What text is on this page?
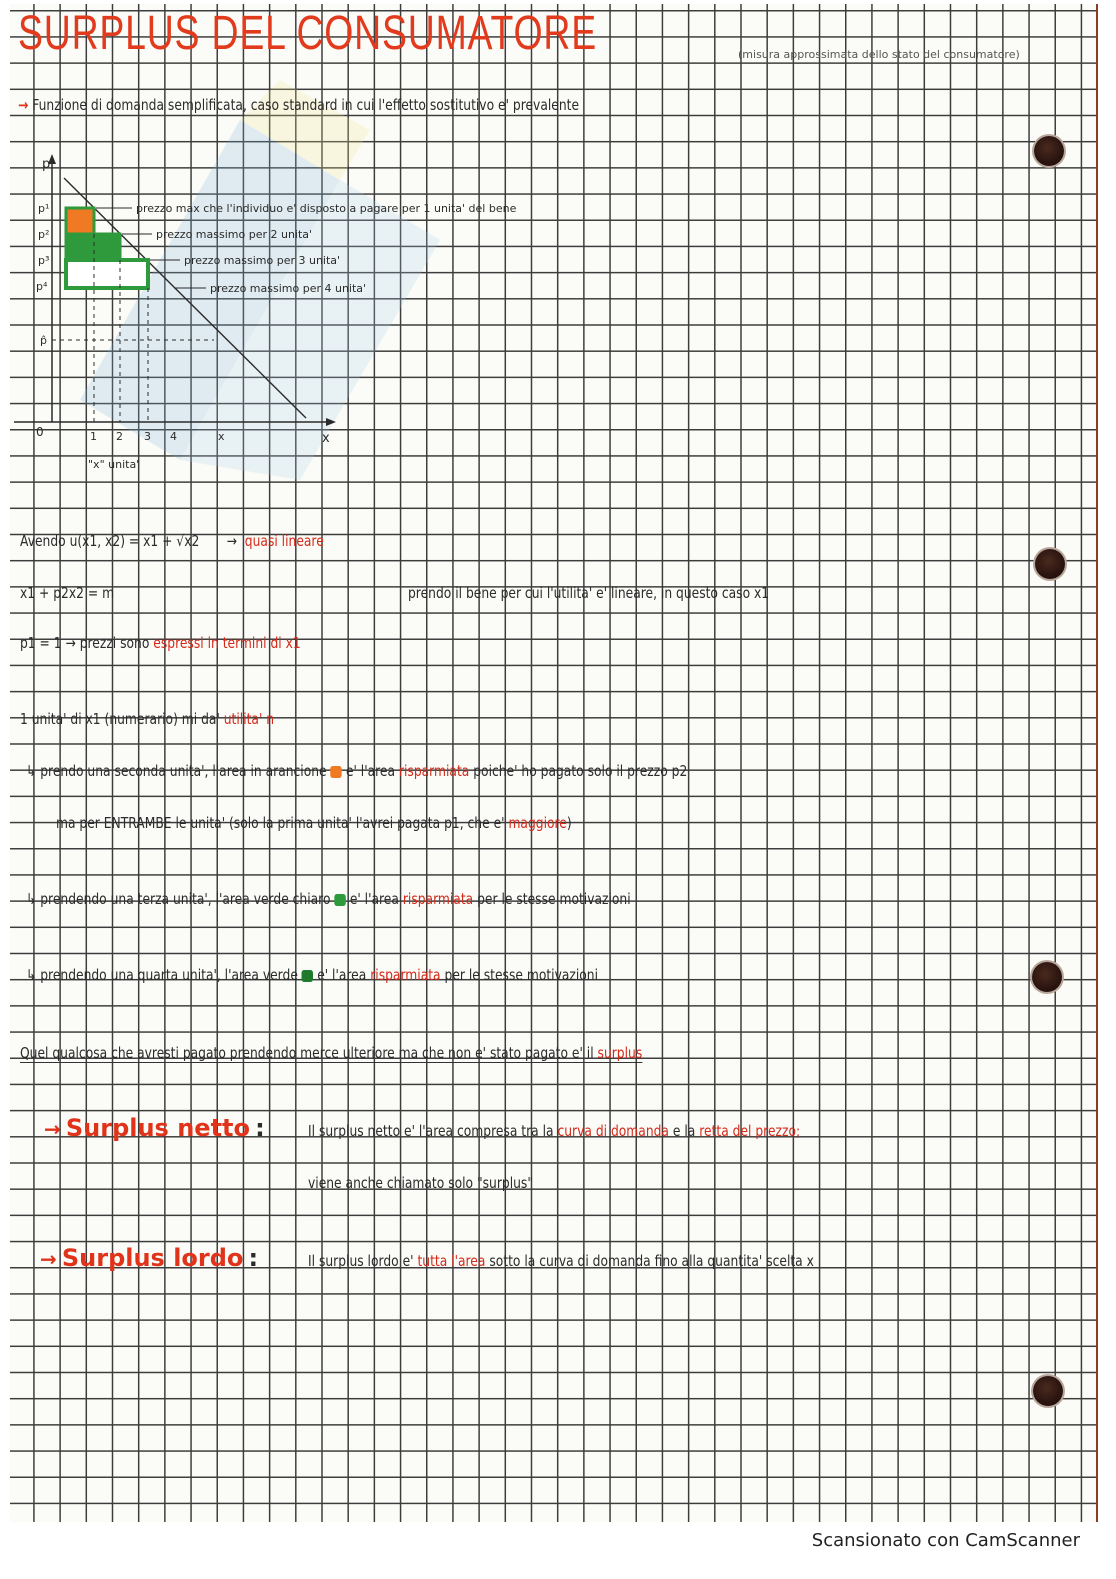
SURPLUS DEL CONSUMATORE	(misura approssimata dello stato del consumatore)
→ Funzione di domanda semplificata, caso standard in cui l'effetto sostitutivo e' prevalente
p
p¹
p²
p³
p⁴
p̂
0	1 2 3 4	x	x
"x" unita'
prezzo max che l'individuo e' disposto a pagare per 1 unita' del bene
prezzo massimo per 2 unita'
prezzo massimo per 3 unita'
prezzo massimo per 4 unita'
Avendo u(x1, x2) = x1 + √x2       →  quasi lineare
x1 + p2x2 = m	prendo il bene per cui l'utilita' e' lineare, in questo caso x1
p1 = 1 → prezzi sono espressi in termini di x1
1 unita' di x1 (numerario) mi da' utilita' n
↳ prendo una seconda unita', l'area in arancione e' l'area risparmiata poiche' ho pagato solo il prezzo p2
ma per ENTRAMBE le unita' (solo la prima unita' l'avrei pagata p1, che e' maggiore)
↳ prendendo una terza unita', l'area verde chiaro e' l'area risparmiata per le stesse motivazioni
↳ prendendo una quarta unita', l'area verde e' l'area risparmiata per le stesse motivazioni
Quel qualcosa che avresti pagato prendendo merce ulteriore ma che non e' stato pagato e' il surplus
→ Surplus netto :	Il surplus netto e' l'area compresa tra la curva di domanda e la retta del prezzo;
viene anche chiamato solo "surplus"
→ Surplus lordo :	Il surplus lordo e' tutta l'area sotto la curva di domanda fino alla quantita' scelta x
Scansionato con CamScanner
